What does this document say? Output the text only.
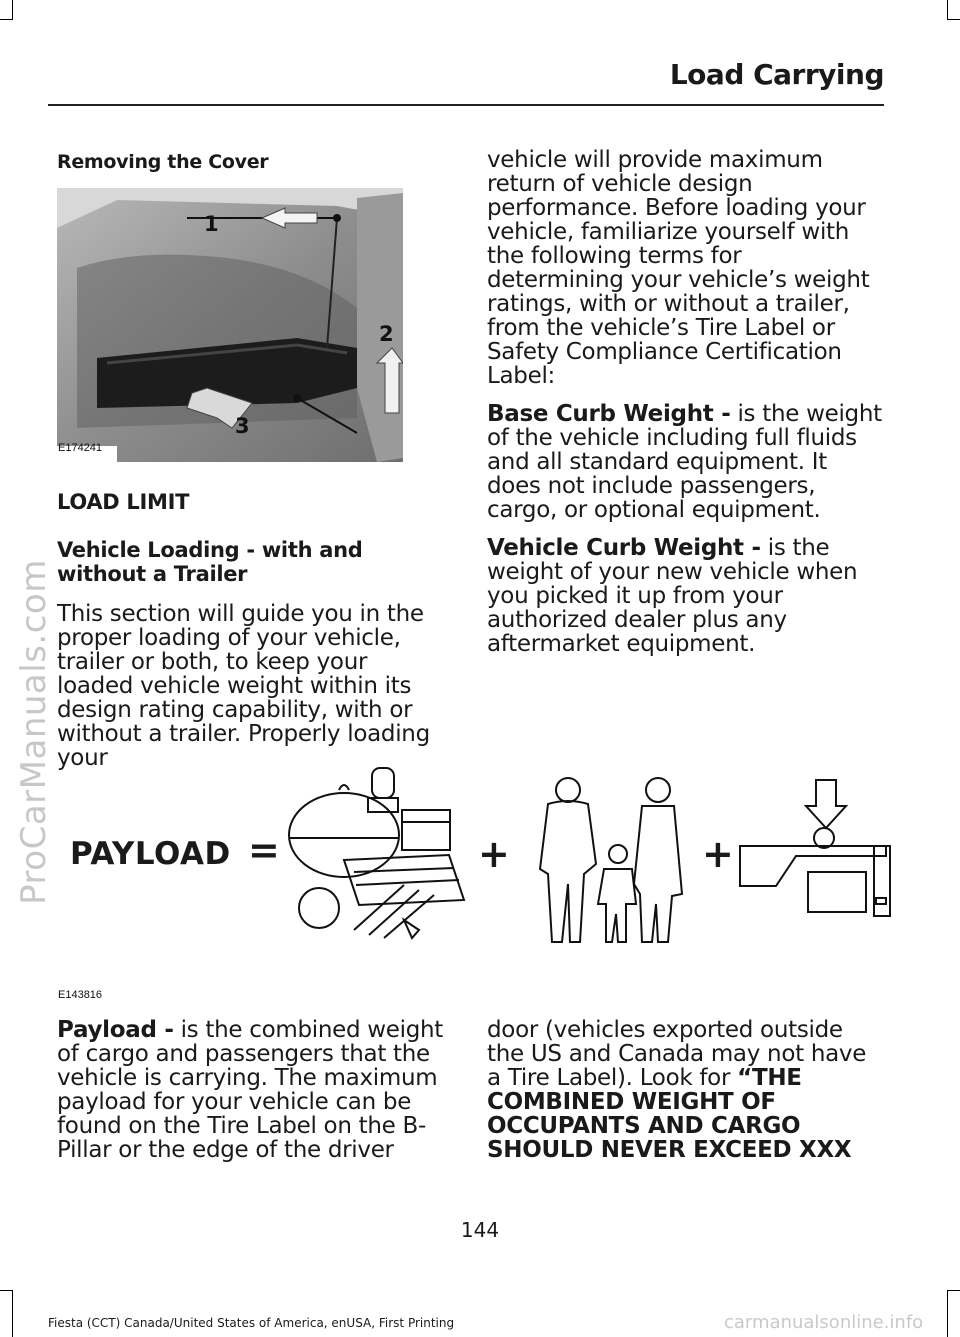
Load Carrying
ProCarManuals.com
Removing the Cover
1
2
3
E174241
LOAD LIMIT
Vehicle Loading - with and without a Trailer
This section will guide you in the proper loading of your vehicle, trailer or both, to keep your loaded vehicle weight within its design rating capability, with or without a trailer. Properly loading your

vehicle will provide maximum return of vehicle design performance. Before loading your vehicle, familiarize yourself with the following terms for determining your vehicle’s weight ratings, with or without a trailer, from the vehicle’s Tire Label or Safety Compliance Certification Label:

Base Curb Weight - is the weight of the vehicle including full fluids and all standard equipment. It does not include passengers, cargo, or optional equipment.

Vehicle Curb Weight - is the weight of your new vehicle when you picked it up from your authorized dealer plus any aftermarket equipment.

PAYLOAD =	+	+
E143816

Payload - is the combined weight of cargo and passengers that the vehicle is carrying. The maximum payload for your vehicle can be found on the Tire Label on the B-Pillar or the edge of the driver

door (vehicles exported outside the US and Canada may not have a Tire Label). Look for “THE COMBINED WEIGHT OF OCCUPANTS AND CARGO SHOULD NEVER EXCEED XXX

144
Fiesta (CCT) Canada/United States of America, enUSA, First Printing	carmanualsonline.info
